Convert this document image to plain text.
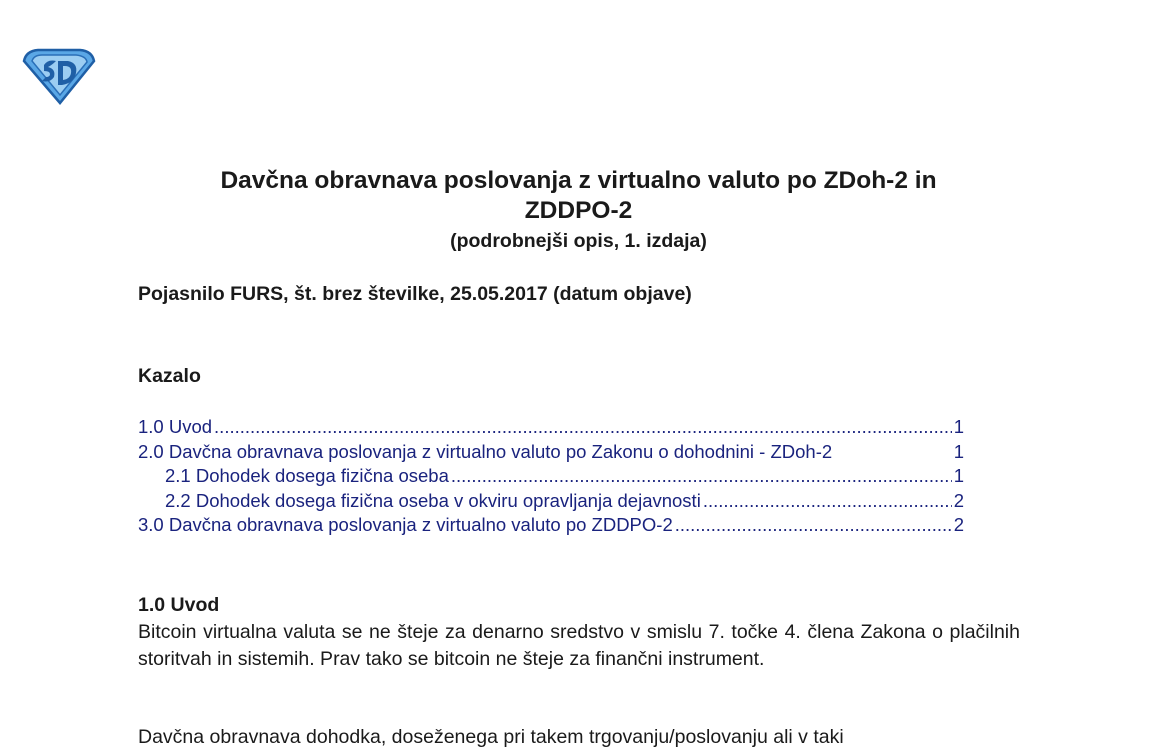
Davčna obravnava poslovanja z virtualno valuto po ZDoh-2 in
ZDDPO-2
(podrobnejši opis, 1. izdaja)
Pojasnilo FURS, št. brez številke, 25.05.2017 (datum objave)
Kazalo
1.0 Uvod .....	1
2.0 Davčna obravnava poslovanja z virtualno valuto po Zakonu o dohodnini - ZDoh-2	1
2.1 Dohodek dosega fizična oseba .....	1
2.2 Dohodek dosega fizična oseba v okviru opravljanja dejavnosti .....	2
3.0 Davčna obravnava poslovanja z virtualno valuto po ZDDPO-2 .....	2
1.0 Uvod

Bitcoin virtualna valuta se ne šteje za denarno sredstvo v smislu 7. točke 4. člena Zakona o plačilnih storitvah in sistemih. Prav tako se bitcoin ne šteje za finančni instrument.

Davčna obravnava dohodka, doseženega pri takem trgovanju/poslovanju ali v taki
